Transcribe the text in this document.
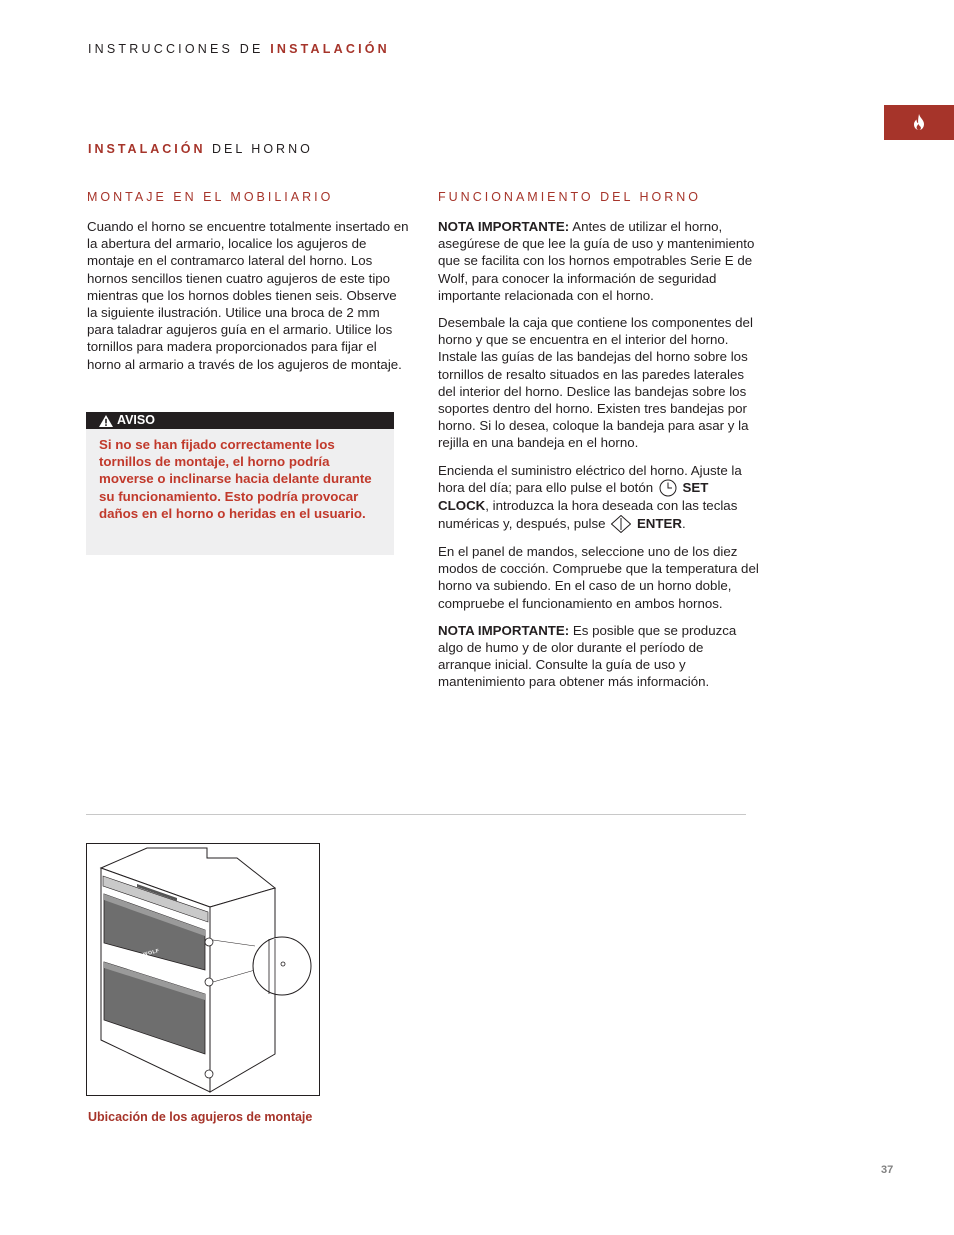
INSTRUCCIONES DE INSTALACIÓN
INSTALACIÓN DEL HORNO
MONTAJE EN EL MOBILIARIO	FUNCIONAMIENTO DEL HORNO

Cuando el horno se encuentre totalmente insertado en la abertura del armario, localice los agujeros de montaje en el contramarco lateral del horno. Los hornos sencillos tienen cuatro agujeros de este tipo mientras que los hornos dobles tienen seis. Observe la siguiente ilustración. Utilice una broca de 2 mm para taladrar agujeros guía en el armario. Utilice los tornillos para madera proporcionados para fijar el horno al armario a través de los agujeros de montaje.

AVISO
Si no se han fijado correctamente los tornillos de montaje, el horno podría moverse o inclinarse hacia delante durante su funcionamiento. Esto podría provocar daños en el horno o heridas en el usuario.

NOTA IMPORTANTE: Antes de utilizar el horno, asegúrese de que lee la guía de uso y mantenimiento que se facilita con los hornos empotrables Serie E de Wolf, para conocer la información de seguridad importante relacionada con el horno.

Desembale la caja que contiene los componentes del horno y que se encuentra en el interior del horno. Instale las guías de las bandejas del horno sobre los tornillos de resalto situados en las paredes laterales del interior del horno. Deslice las bandejas sobre los soportes dentro del horno. Existen tres bandejas por horno. Si lo desea, coloque la bandeja para asar y la rejilla en una bandeja en el horno.

Encienda el suministro eléctrico del horno. Ajuste la hora del día; para ello pulse el botón  SET CLOCK, introduzca la hora deseada con las teclas numéricas y, después, pulse  ENTER.

En el panel de mandos, seleccione uno de los diez modos de cocción. Compruebe que la temperatura del horno va subiendo. En el caso de un horno doble, compruebe el funcionamiento en ambos hornos.

NOTA IMPORTANTE: Es posible que se produzca algo de humo y de olor durante el período de arranque inicial. Consulte la guía de uso y mantenimiento para obtener más información.

WOLF
Ubicación de los agujeros de montaje
37
